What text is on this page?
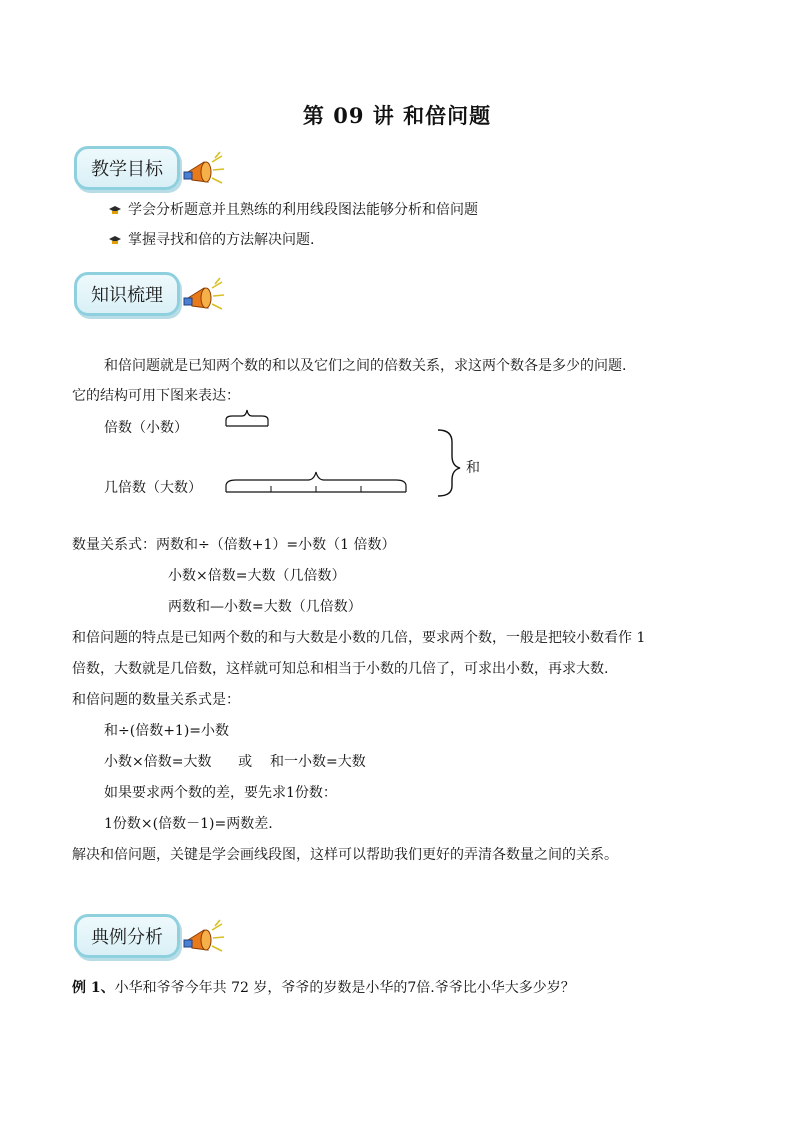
第 09 讲 和倍问题
教学目标
学会分析题意并且熟练的利用线段图法能够分析和倍问题
掌握寻找和倍的方法解决问题.
知识梳理
和倍问题就是已知两个数的和以及它们之间的倍数关系，求这两个数各是多少的问题.
它的结构可用下图来表达：
倍数（小数）
几倍数（大数）
和
数量关系式：两数和÷（倍数+1）=小数（1 倍数）
小数×倍数=大数（几倍数）
两数和—小数=大数（几倍数）
和倍问题的特点是已知两个数的和与大数是小数的几倍，要求两个数，一般是把较小数看作 1
倍数，大数就是几倍数，这样就可知总和相当于小数的几倍了，可求出小数，再求大数.
和倍问题的数量关系式是：
和÷(倍数+1)=小数
小数×倍数=大数      或    和一小数=大数
如果要求两个数的差，要先求1份数：
1份数×(倍数－1)=两数差.
解决和倍问题，关键是学会画线段图，这样可以帮助我们更好的弄清各数量之间的关系。
典例分析
例 1、小华和爷爷今年共 72 岁，爷爷的岁数是小华的7倍.爷爷比小华大多少岁？
